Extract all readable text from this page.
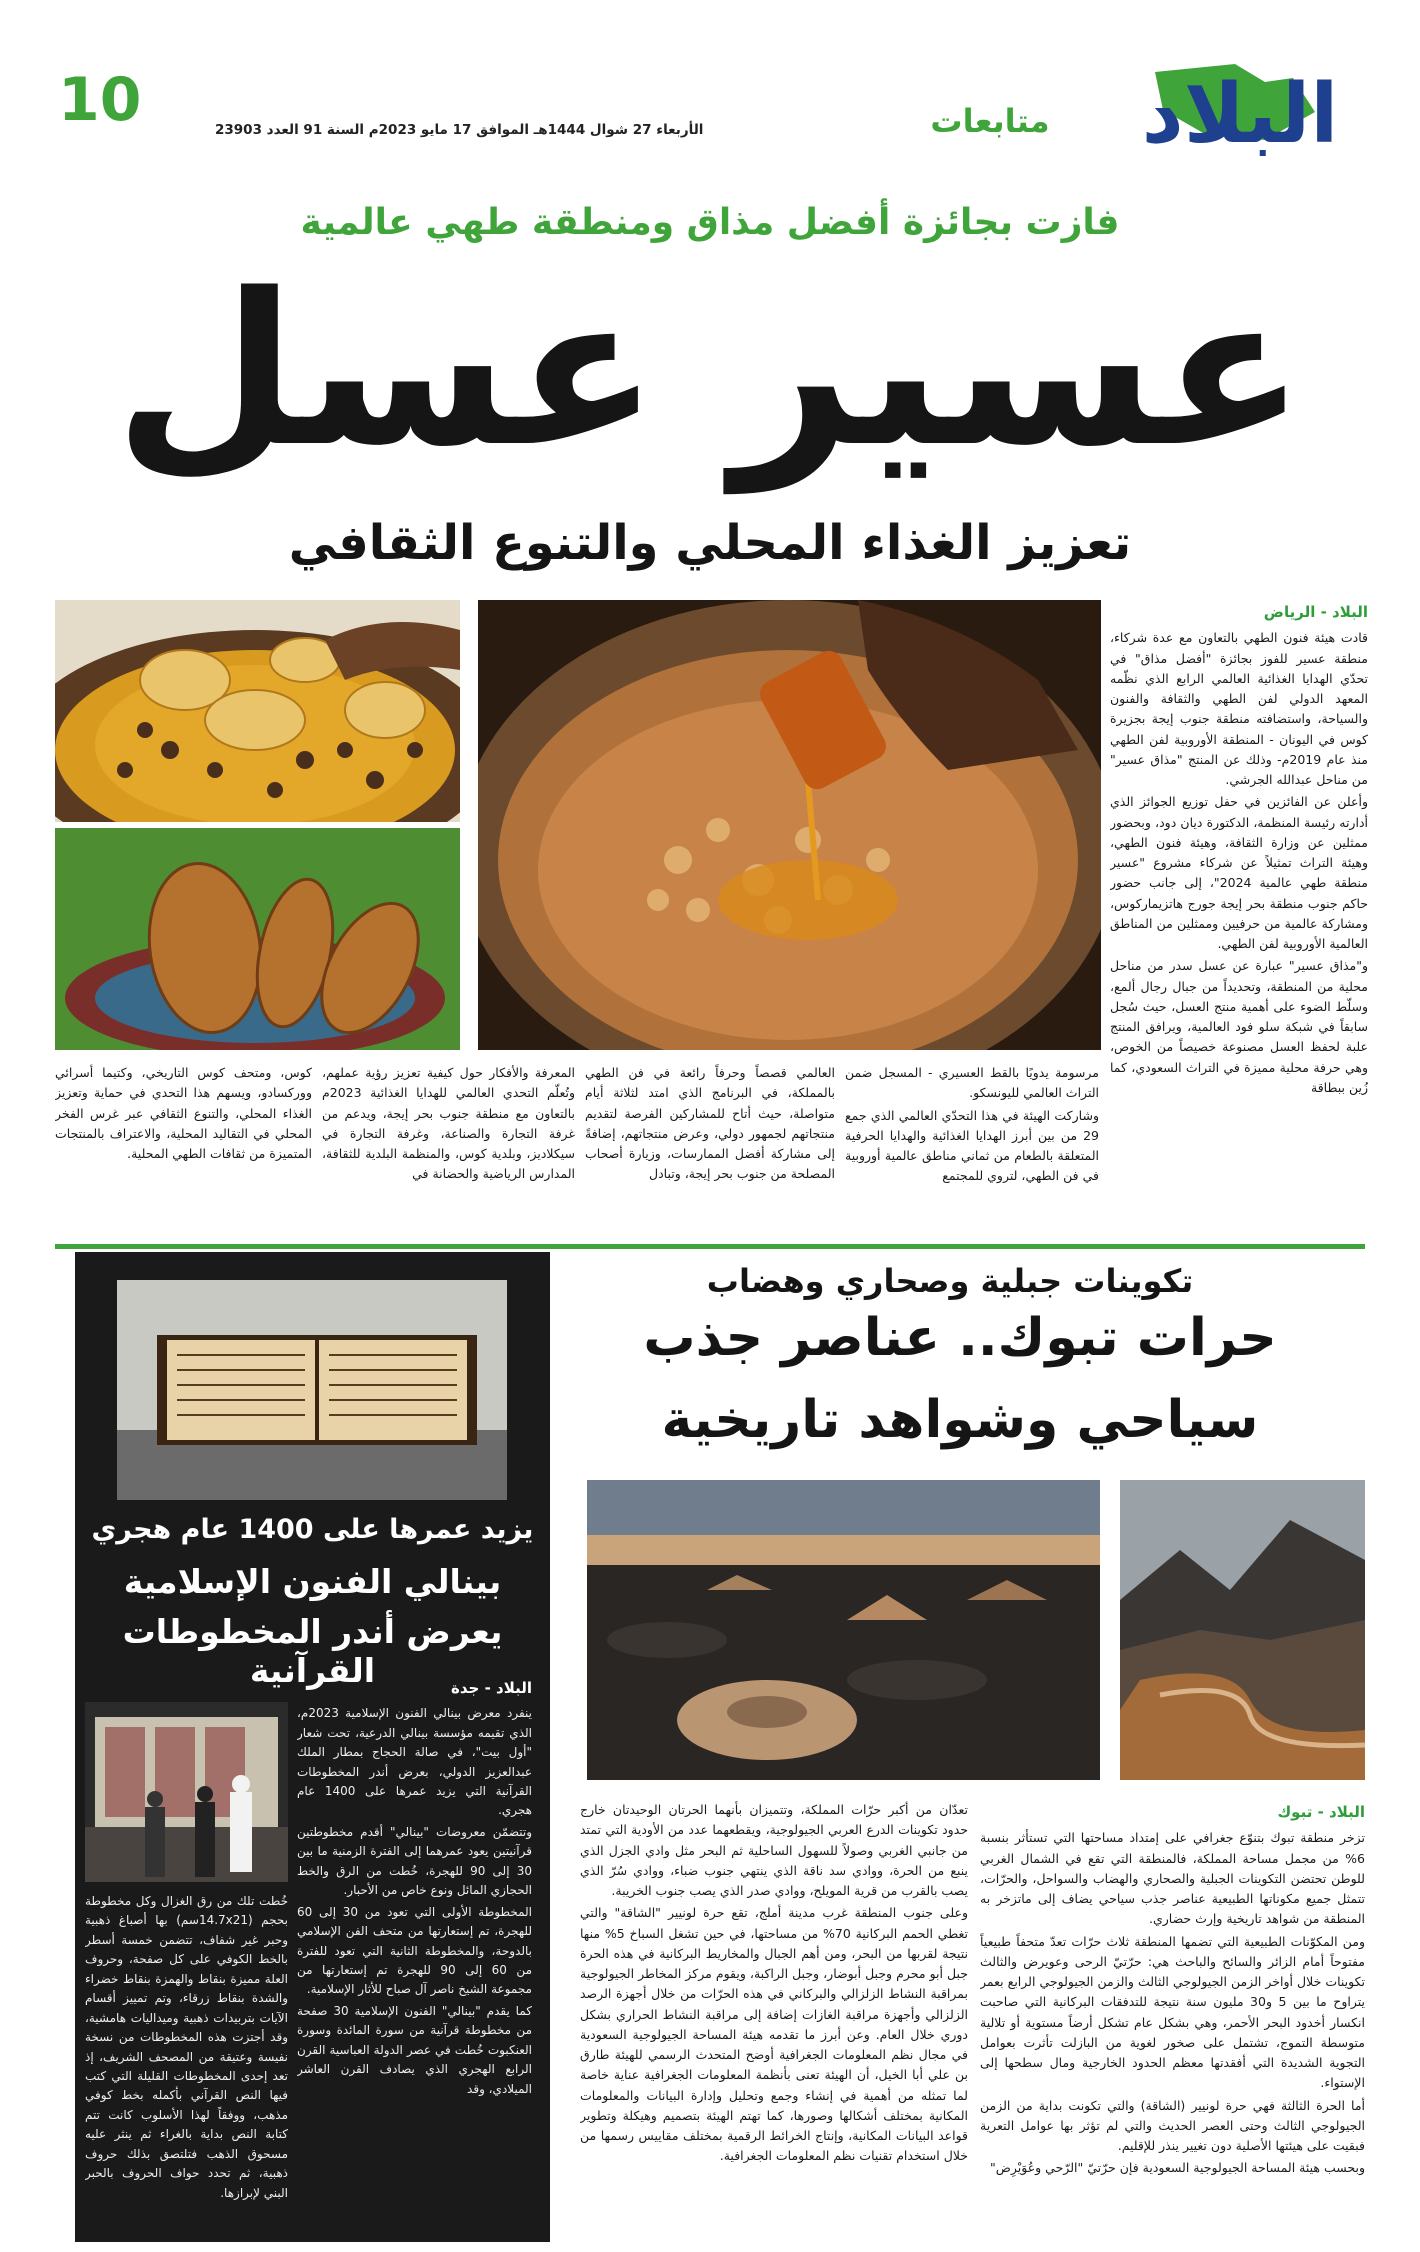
10	الأربعاء 27 شوال 1444هـ الموافق 17 مايو 2023م السنة 91 العدد 23903	متابعات	البلاد
فازت بجائزة أفضل مذاق ومنطقة طهي عالمية
عسير عسل
تعزيز الغذاء المحلي والتنوع الثقافي
البلاد - الرياض

قادت هيئة فنون الطهي بالتعاون مع عدة شركاء، منطقة عسير للفوز بجائزة "أفضل مذاق" في تحدّي الهدايا الغذائية العالمي الرابع الذي نظّمه المعهد الدولي لفن الطهي والثقافة والفنون والسياحة، واستضافته منطقة جنوب إيجة بجزيرة كوس في اليونان - المنطقة الأوروبية لفن الطهي منذ عام 2019م- وذلك عن المنتج "مذاق عسير" من مناحل عبدالله الجرشي.

وأعلن عن الفائزين في حفل توزيع الجوائز الذي أدارته رئيسة المنظمة، الدكتورة ديان دود، وبحضور ممثلين عن وزارة الثقافة، وهيئة فنون الطهي، وهيئة التراث تمثيلاً عن شركاء مشروع "عسير منطقة طهي عالمية 2024"، إلى جانب حضور حاكم جنوب منطقة بحر إيجة جورج هاتزيماركوس، ومشاركة عالمية من حرفيين وممثلين من المناطق العالمية الأوروبية لفن الطهي.

و"مذاق عسير" عبارة عن عسل سدر من مناحل محلية من المنطقة، وتحديداً من جبال رجال ألمع، وسلّط الضوء على أهمية منتج العسل، حيث سُجل سابقاً في شبكة سلو فود العالمية، ويرافق المنتج علبة لحفظ العسل مصنوعة خصيصاً من الخوص، وهي حرفة محلية مميزة في التراث السعودي، كما زُين ببطاقة

مرسومة يدويًا بالقط العسيري - المسجل ضمن التراث العالمي لليونسكو.

وشاركت الهيئة في هذا التحدّي العالمي الذي جمع 29 من بين أبرز الهدايا الغذائية والهدايا الحرفية المتعلقة بالطعام من ثماني مناطق عالمية أوروبية في فن الطهي، لتروي للمجتمع

العالمي قصصاً وحرفاً رائعة في فن الطهي بالمملكة، في البرنامج الذي امتد لثلاثة أيام متواصلة، حيث أتاح للمشاركين الفرصة لتقديم منتجاتهم لجمهور دولي، وعرض منتجاتهم، إضافةً إلى مشاركة أفضل الممارسات، وزيارة أصحاب المصلحة من جنوب بحر إيجة، وتبادل

المعرفة والأفكار حول كيفية تعزيز رؤية عملهم، وتُعلّم التحدي العالمي للهدايا الغذائية 2023م بالتعاون مع منطقة جنوب بحر إيجة، ويدعم من غرفة التجارة والصناعة، وغرفة التجارة في سيكلاديز، وبلدية كوس، والمنظمة البلدية للثقافة، المدارس الرياضية والحضانة في

كوس، ومتحف كوس التاريخي، وكتيما أسرائي ووركسادو، ويسهم هذا التحدي في حماية وتعزيز الغذاء المحلي، والتنوع الثقافي عبر غرس الفخر المحلي في التقاليد المحلية، والاعتراف بالمنتجات المتميزة من ثقافات الطهي المحلية.

يزيد عمرها على 1400 عام هجري
بينالي الفنون الإسلامية
يعرض أندر المخطوطات القرآنية	البلاد - جدة

ينفرد معرض بينالي الفنون الإسلامية 2023م، الذي تقيمه مؤسسة بينالي الدرعية، تحت شعار "أول بيت"، في صالة الحجاج بمطار الملك عبدالعزيز الدولي، بعرض أندر المخطوطات القرآنية التي يزيد عمرها على 1400 عام هجري.

وتتضمّن معروضات "بينالي" أقدم مخطوطتين قرآنيتين يعود عمرهما إلى الفترة الزمنية ما بين 30 إلى 90 للهجرة، خُطت من الرق والخط الحجازي المائل ونوع خاص من الأحبار.

المخطوطة الأولى التي تعود من 30 إلى 60 للهجرة، تم إستعارتها من متحف الفن الإسلامي بالدوحة، والمخطوطة الثانية التي تعود للفترة من 60 إلى 90 للهجرة تم إستعارتها من مجموعة الشيخ ناصر آل صباح للأثار الإسلامية.

كما يقدم "بينالي" الفنون الإسلامية 30 صفحة من مخطوطة قرآنية من سورة المائدة وسورة العنكبوت خُطت في عصر الدولة العباسية القرن الرابع الهجري الذي يصادف القرن العاشر الميلادي، وقد

خُطت تلك من رق الغزال وكل مخطوطة بحجم (14.7x21سم) بها أصباغ ذهبية وحبر غير شفاف، تتضمن خمسة أسطر بالخط الكوفي على كل صفحة، وحروف العلة مميزة بنقاط والهمزة بنقاط خضراء والشدة بنقاط زرقاء، وتم تمييز أقسام الآيات بتربيدات ذهبية وميداليات هامشية، وقد أجتزت هذه المخطوطات من نسخة نفيسة وعتيقة من المصحف الشريف، إذ تعد إحدى المخطوطات القليلة التي كتب فيها النص القرآني بأكمله بخط كوفي مذهب، ووفقاً لهذا الأسلوب كانت تتم كتابة النص بداية بالغراء ثم ينثر عليه مسحوق الذهب فتلتصق بذلك حروف ذهبية، ثم تحدد حواف الحروف بالحبر البني لإبرازها.

تكوينات جبلية وصحاري وهضاب
حرات تبوك.. عناصر جذب
سياحي وشواهد تاريخية
البلاد - تبوك

تزخر منطقة تبوك بتنوّع جغرافي على إمتداد مساحتها التي تستأثر بنسبة 6% من مجمل مساحة المملكة، فالمنطقة التي تقع في الشمال الغربي للوطن تحتضن التكوينات الجبلية والصحاري والهضاب والسواحل، والحرّات، تتمثل جميع مكوناتها الطبيعية عناصر جذب سياحي يضاف إلى ماتزخر به المنطقة من شواهد تاريخية وإرث حضاري.

ومن المكوّنات الطبيعية التي تضمها المنطقة ثلاث حرّات تعدّ متحفاً طبيعياً مفتوحاً أمام الزائر والسائح والباحث هي: حرّتيّ الرحى وعويرض والثالث تكوينات خلال أواخر الزمن الجيولوجي الثالث والزمن الجيولوجي الرابع بعمر يتراوح ما بين 5 و30 مليون سنة نتيجة للتدفقات البركانية التي صاحبت انكسار أخدود البحر الأحمر، وهي بشكل عام تشكل أرضاً مستوية أو تلالية متوسطة التموج، تشتمل على صخور لغوية من البازلت تأثرت بعوامل التجوية الشديدة التي أفقدتها معظم الحدود الخارجية ومال سطحها إلى الإستواء.

أما الحرة الثالثة فهي حرة لونيير (الشاقة) والتي تكونت بداية من الزمن الجيولوجي الثالث وحتى العصر الحديث والتي لم تؤثر بها عوامل التعرية فبقيت على هيئتها الأصلية دون تغيير ينذر للإقليم.

وبحسب هيئة المساحة الجيولوجية السعودية فإن حرّتيّ "الرّحي وعُوَيْرِض"

تعدّان من أكبر حرّات المملكة، وتتميزان بأنهما الحرتان الوحيدتان خارج حدود تكوينات الدرع العربي الجيولوجية، ويقطعهما عدد من الأودية التي تمتد من جانبي الغربي وصولاً للسهول الساحلية ثم البحر مثل وادي الجزل الذي ينبع من الحرة، ووادي سد ناقة الذي ينتهي جنوب ضباء، ووادي سُرّ الذي يصب بالقرب من قرية المويلح، ووادي صدر الذي يصب جنوب الخريبة.

وعلى جنوب المنطقة غرب مدينة أملج، تقع حرة لونيير "الشاقة" والتي تغطي الحمم البركانية 70% من مساحتها، في حين تشغل السباخ 5% منها نتيجة لقربها من البحر، ومن أهم الجبال والمخاريط البركانية في هذه الحرة جبل أبو محرم وجبل أبوضار، وجبل الراكبة، ويقوم مركز المخاطر الجيولوجية بمراقبة النشاط الزلزالي والبركاني في هذه الحرّات من خلال أجهزة الرصد الزلزالي وأجهزة مراقبة الغازات إضافة إلى مراقبة النشاط الحراري بشكل دوري خلال العام. وعن أبرز ما تقدمه هيئة المساحة الجيولوجية السعودية في مجال نظم المعلومات الجغرافية أوضح المتحدث الرسمي للهيئة طارق بن علي أبا الخيل، أن الهيئة تعنى بأنظمة المعلومات الجغرافية عناية خاصة لما تمثله من أهمية في إنشاء وجمع وتحليل وإدارة البيانات والمعلومات المكانية بمختلف أشكالها وصورها، كما تهتم الهيئة بتصميم وهيكلة وتطوير قواعد البيانات المكانية، وإنتاج الخرائط الرقمية بمختلف مقاييس رسمها من خلال استخدام تقنيات نظم المعلومات الجغرافية.
